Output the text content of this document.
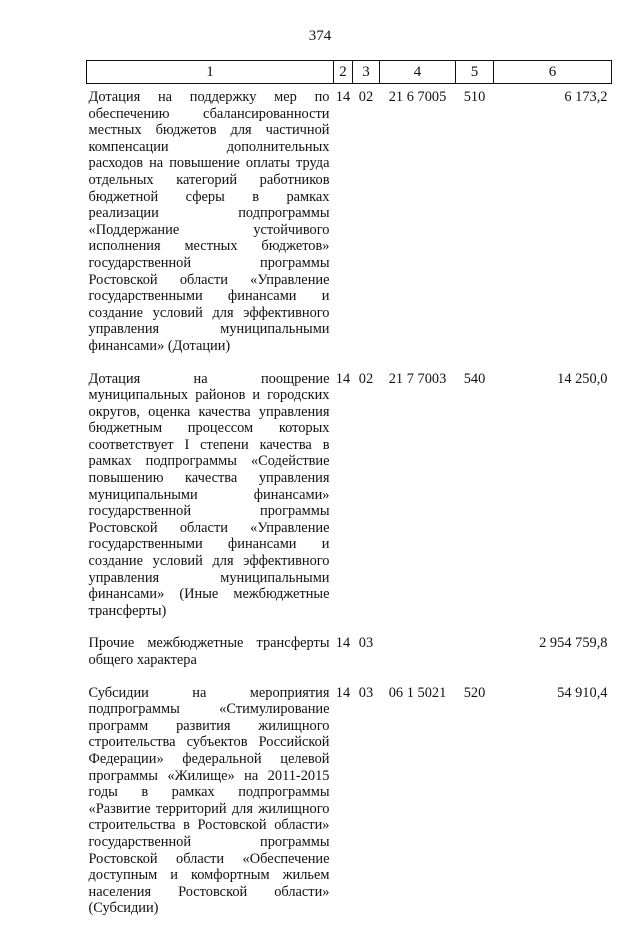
374
1	2	3	4	5	6
Дотация на поддержку мер по обеспечению сбалансированности местных бюджетов для частичной компенсации дополнительных расходов на повышение оплаты труда отдельных категорий работников бюджетной сферы в рамках реализации подпрограммы «Поддержание устойчивого исполнения местных бюджетов» государственной программы Ростовской области «Управление государственными финансами и создание условий для эффективного управления муниципальными финансами» (Дотации)	14	02	21 6 7005	510	6 173,2
Дотация на поощрение муниципальных районов и городских округов, оценка качества управления бюджетным процессом которых соответствует I степени качества в рамках подпрограммы «Содействие повышению качества управления муниципальными финансами» государственной программы Ростовской области «Управление государственными финансами и создание условий для эффективного управления муниципальными финансами» (Иные межбюджетные трансферты)	14	02	21 7 7003	540	14 250,0
Прочие межбюджетные трансферты общего характера	14	03			2 954 759,8
Субсидии на мероприятия подпрограммы «Стимулирование программ развития жилищного строительства субъектов Российской Федерации» федеральной целевой программы «Жилище» на 2011-2015 годы в рамках подпрограммы «Развитие территорий для жилищного строительства в Ростовской области» государственной программы Ростовской области «Обеспечение доступным и комфортным жильем населения Ростовской области» (Субсидии)	14	03	06 1 5021	520	54 910,4
